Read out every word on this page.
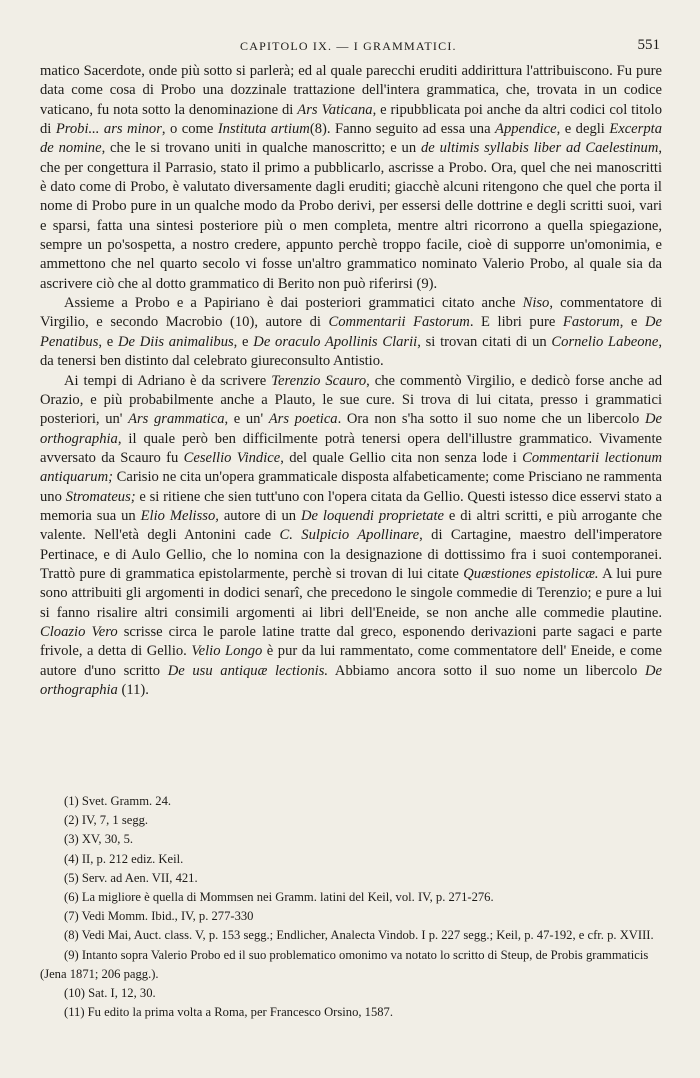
CAPITOLO IX. — I GRAMMATICI.	551

matico Sacerdote, onde più sotto si parlerà; ed al quale parecchi eruditi addirittura l'attribuiscono. Fu pure data come cosa di Probo una dozzinale trattazione dell'intera grammatica, che, trovata in un codice vaticano, fu nota sotto la denominazione di Ars Vaticana, e ripubblicata poi anche da altri codici col titolo di Probi... ars minor, o come Instituta artium(8). Fanno seguito ad essa una Appendice, e degli Excerpta de nomine, che le si trovano uniti in qualche manoscritto; e un de ultimis syllabis liber ad Caelestinum, che per congettura il Parrasio, stato il primo a pubblicarlo, ascrisse a Probo. Ora, quel che nei manoscritti è dato come di Probo, è valutato diversamente dagli eruditi; giacchè alcuni ritengono che quel che porta il nome di Probo pure in un qualche modo da Probo derivi, per essersi delle dottrine e degli scritti suoi, vari e sparsi, fatta una sintesi posteriore più o men completa, mentre altri ricorrono a quella spiegazione, sempre un po'sospetta, a nostro credere, appunto perchè troppo facile, cioè di supporre un'omonimia, e ammettono che nel quarto secolo vi fosse un'altro grammatico nominato Valerio Probo, al quale sia da ascrivere ciò che al dotto grammatico di Berito non può riferirsi (9).

Assieme a Probo e a Papiriano è dai posteriori grammatici citato anche Niso, commentatore di Virgilio, e secondo Macrobio (10), autore di Commentarii Fastorum. E libri pure Fastorum, e De Penatibus, e De Diis animalibus, e De oraculo Apollinis Clarii, si trovan citati di un Cornelio Labeone, da tenersi ben distinto dal celebrato giureconsulto Antistio.

Ai tempi di Adriano è da scrivere Terenzio Scauro, che commentò Virgilio, e dedicò forse anche ad Orazio, e più probabilmente anche a Plauto, le sue cure. Si trova di lui citata, presso i grammatici posteriori, un' Ars grammatica, e un' Ars poetica. Ora non s'ha sotto il suo nome che un libercolo De orthographia, il quale però ben difficilmente potrà tenersi opera dell'illustre grammatico. Vivamente avversato da Scauro fu Cesellio Vindice, del quale Gellio cita non senza lode i Commentarii lectionum antiquarum; Carisio ne cita un'opera grammaticale disposta alfabeticamente; come Prisciano ne rammenta uno Stromateus; e si ritiene che sien tutt'uno con l'opera citata da Gellio. Questi istesso dice esservi stato a memoria sua un Elio Melisso, autore di un De loquendi proprietate e di altri scritti, e più arrogante che valente. Nell'età degli Antonini cade C. Sulpicio Apollinare, di Cartagine, maestro dell'imperatore Pertinace, e di Aulo Gellio, che lo nomina con la designazione di dottissimo fra i suoi contemporanei. Trattò pure di grammatica epistolarmente, perchè si trovan di lui citate Quæstiones epistolicæ. A lui pure sono attribuiti gli argomenti in dodici senarî, che precedono le singole commedie di Terenzio; e pure a lui si fanno risalire altri consimili argomenti ai libri dell'Eneide, se non anche alle commedie plautine. Cloazio Vero scrisse circa le parole latine tratte dal greco, esponendo derivazioni parte sagaci e parte frivole, a detta di Gellio. Velio Longo è pur da lui rammentato, come commentatore dell' Eneide, e come autore d'uno scritto De usu antiquæ lectionis. Abbiamo ancora sotto il suo nome un libercolo De orthographia (11).

(1) Svet. Gramm. 24.
(2) IV, 7, 1 segg.
(3) XV, 30, 5.
(4) II, p. 212 ediz. Keil.
(5) Serv. ad Aen. VII, 421.
(6) La migliore è quella di Mommsen nei Gramm. latini del Keil, vol. IV, p. 271-276.
(7) Vedi Momm. Ibid., IV, p. 277-330
(8) Vedi Mai, Auct. class. V, p. 153 segg.; Endlicher, Analecta Vindob. I p. 227 segg.; Keil, p. 47-192, e cfr. p. XVIII.
(9) Intanto sopra Valerio Probo ed il suo problematico omonimo va notato lo scritto di Steup, de Probis grammaticis (Jena 1871; 206 pagg.).
(10) Sat. I, 12, 30.
(11) Fu edito la prima volta a Roma, per Francesco Orsino, 1587.
